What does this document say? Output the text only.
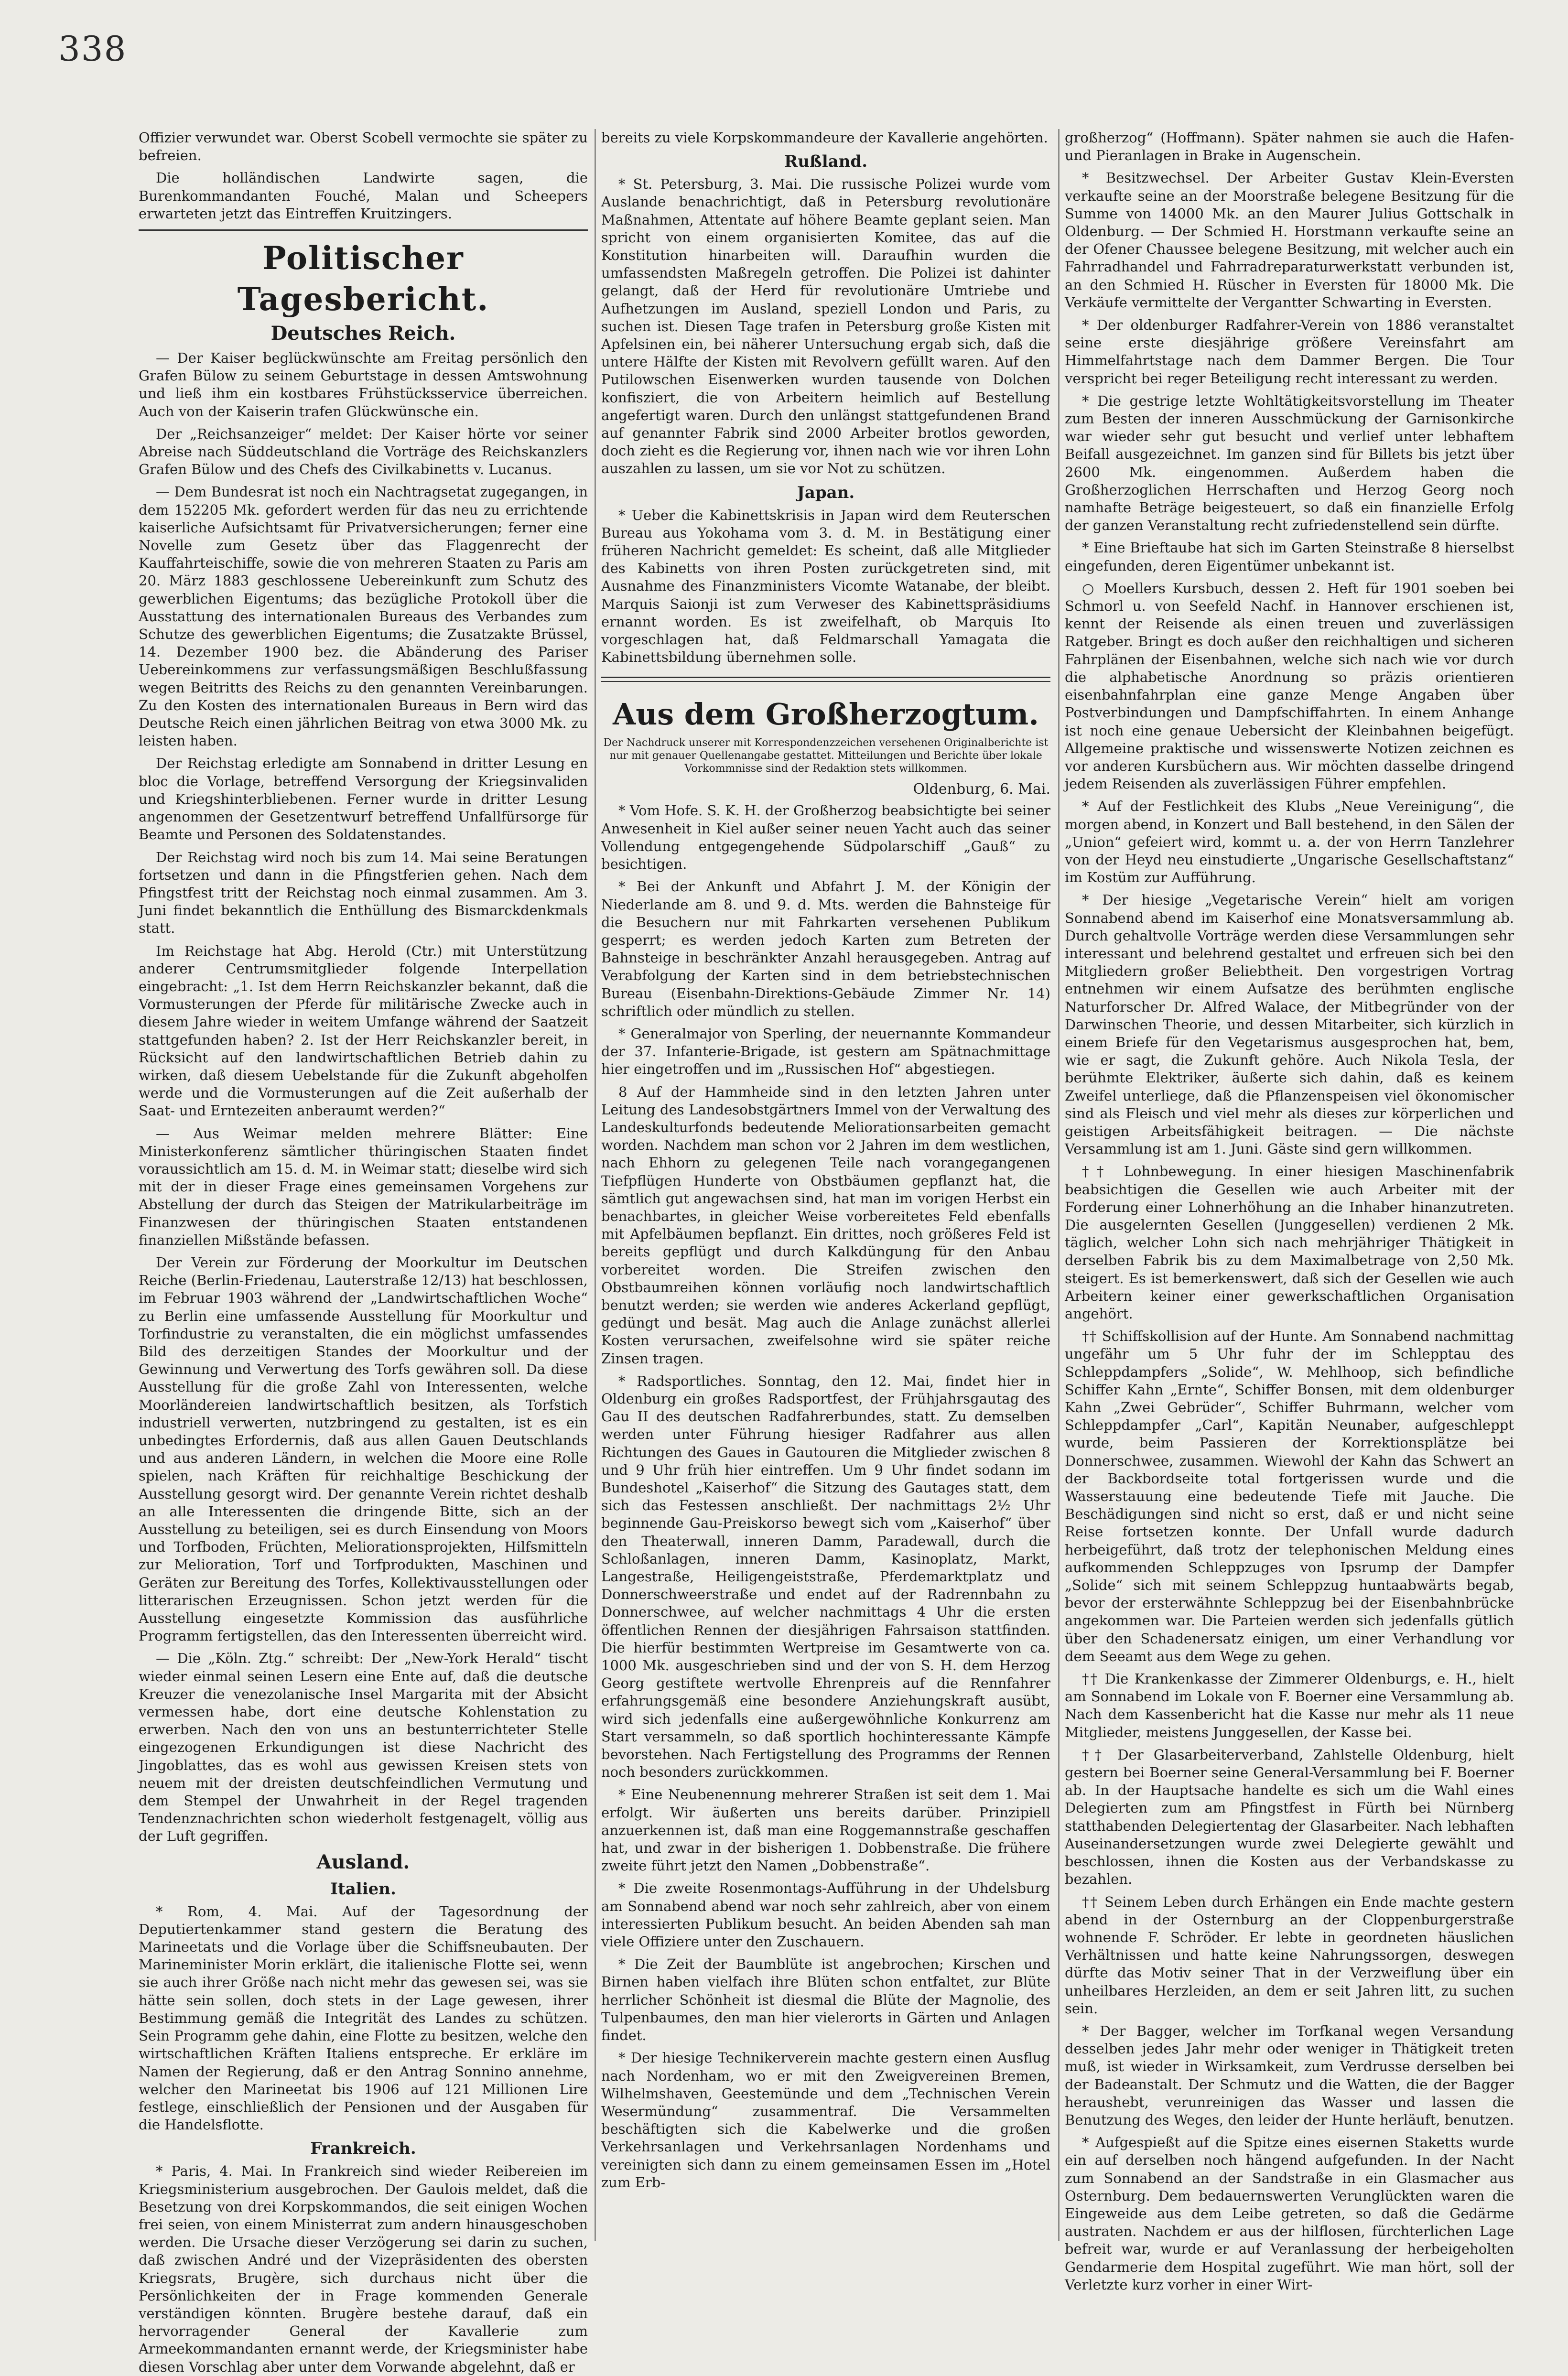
338

Offizier verwundet war. Oberst Scobell vermochte sie später zu befreien.

Die holländischen Landwirte sagen, die Burenkommandanten Fouché, Malan und Scheepers erwarteten jetzt das Eintreffen Kruitzingers.

Politischer Tagesbericht.
Deutsches Reich.

— Der Kaiser beglückwünschte am Freitag persönlich den Grafen Bülow zu seinem Geburtstage in dessen Amtswohnung und ließ ihm ein kostbares Frühstücksservice überreichen. Auch von der Kaiserin trafen Glückwünsche ein.

Der „Reichsanzeiger“ meldet: Der Kaiser hörte vor seiner Abreise nach Süddeutschland die Vorträge des Reichskanzlers Grafen Bülow und des Chefs des Civilkabinetts v. Lucanus.

— Dem Bundesrat ist noch ein Nachtragsetat zugegangen, in dem 152205 Mk. gefordert werden für das neu zu errichtende kaiserliche Aufsichtsamt für Privatversicherungen; ferner eine Novelle zum Gesetz über das Flaggenrecht der Kauffahrteischiffe, sowie die von mehreren Staaten zu Paris am 20. März 1883 geschlossene Uebereinkunft zum Schutz des gewerblichen Eigentums; das bezügliche Protokoll über die Ausstattung des internationalen Bureaus des Verbandes zum Schutze des gewerblichen Eigentums; die Zusatzakte Brüssel, 14. Dezember 1900 bez. die Abänderung des Pariser Uebereinkommens zur verfassungsmäßigen Beschlußfassung wegen Beitritts des Reichs zu den genannten Vereinbarungen. Zu den Kosten des internationalen Bureaus in Bern wird das Deutsche Reich einen jährlichen Beitrag von etwa 3000 Mk. zu leisten haben.

Der Reichstag erledigte am Sonnabend in dritter Lesung en bloc die Vorlage, betreffend Versorgung der Kriegsinvaliden und Kriegshinterbliebenen. Ferner wurde in dritter Lesung angenommen der Gesetzentwurf betreffend Unfallfürsorge für Beamte und Personen des Soldatenstandes.

Der Reichstag wird noch bis zum 14. Mai seine Beratungen fortsetzen und dann in die Pfingstferien gehen. Nach dem Pfingstfest tritt der Reichstag noch einmal zusammen. Am 3. Juni findet bekanntlich die Enthüllung des Bismarckdenkmals statt.

Im Reichstage hat Abg. Herold (Ctr.) mit Unterstützung anderer Centrumsmitglieder folgende Interpellation eingebracht: „1. Ist dem Herrn Reichskanzler bekannt, daß die Vormusterungen der Pferde für militärische Zwecke auch in diesem Jahre wieder in weitem Umfange während der Saatzeit stattgefunden haben? 2. Ist der Herr Reichskanzler bereit, in Rücksicht auf den landwirtschaftlichen Betrieb dahin zu wirken, daß diesem Uebelstande für die Zukunft abgeholfen werde und die Vormusterungen auf die Zeit außerhalb der Saat- und Erntezeiten anberaumt werden?“

— Aus Weimar melden mehrere Blätter: Eine Ministerkonferenz sämtlicher thüringischen Staaten findet voraussichtlich am 15. d. M. in Weimar statt; dieselbe wird sich mit der in dieser Frage eines gemeinsamen Vorgehens zur Abstellung der durch das Steigen der Matrikularbeiträge im Finanzwesen der thüringischen Staaten entstandenen finanziellen Mißstände befassen.

Der Verein zur Förderung der Moorkultur im Deutschen Reiche (Berlin-Friedenau, Lauterstraße 12/13) hat beschlossen, im Februar 1903 während der „Landwirtschaftlichen Woche“ zu Berlin eine umfassende Ausstellung für Moorkultur und Torfindustrie zu veranstalten, die ein möglichst umfassendes Bild des derzeitigen Standes der Moorkultur und der Gewinnung und Verwertung des Torfs gewähren soll. Da diese Ausstellung für die große Zahl von Interessenten, welche Moorländereien landwirtschaftlich besitzen, als Torfstich industriell verwerten, nutzbringend zu gestalten, ist es ein unbedingtes Erfordernis, daß aus allen Gauen Deutschlands und aus anderen Ländern, in welchen die Moore eine Rolle spielen, nach Kräften für reichhaltige Beschickung der Ausstellung gesorgt wird. Der genannte Verein richtet deshalb an alle Interessenten die dringende Bitte, sich an der Ausstellung zu beteiligen, sei es durch Einsendung von Moors und Torfboden, Früchten, Meliorationsprojekten, Hilfsmitteln zur Melioration, Torf und Torfprodukten, Maschinen und Geräten zur Bereitung des Torfes, Kollektivausstellungen oder litterarischen Erzeugnissen. Schon jetzt werden für die Ausstellung eingesetzte Kommission das ausführliche Programm fertigstellen, das den Interessenten überreicht wird.

— Die „Köln. Ztg.“ schreibt: Der „New-York Herald“ tischt wieder einmal seinen Lesern eine Ente auf, daß die deutsche Kreuzer die venezolanische Insel Margarita mit der Absicht vermessen habe, dort eine deutsche Kohlenstation zu erwerben. Nach den von uns an bestunterrichteter Stelle eingezogenen Erkundigungen ist diese Nachricht des Jingoblattes, das es wohl aus gewissen Kreisen stets von neuem mit der dreisten deutschfeindlichen Vermutung und dem Stempel der Unwahrheit in der Regel tragenden Tendenznachrichten schon wiederholt festgenagelt, völlig aus der Luft gegriffen.

Ausland.
Italien.

* Rom, 4. Mai. Auf der Tagesordnung der Deputiertenkammer stand gestern die Beratung des Marineetats und die Vorlage über die Schiffsneubauten. Der Marineminister Morin erklärt, die italienische Flotte sei, wenn sie auch ihrer Größe nach nicht mehr das gewesen sei, was sie hätte sein sollen, doch stets in der Lage gewesen, ihrer Bestimmung gemäß die Integrität des Landes zu schützen. Sein Programm gehe dahin, eine Flotte zu besitzen, welche den wirtschaftlichen Kräften Italiens entspreche. Er erkläre im Namen der Regierung, daß er den Antrag Sonnino annehme, welcher den Marineetat bis 1906 auf 121 Millionen Lire festlege, einschließlich der Pensionen und der Ausgaben für die Handelsflotte.

Frankreich.

* Paris, 4. Mai. In Frankreich sind wieder Reibereien im Kriegsministerium ausgebrochen. Der Gaulois meldet, daß die Besetzung von drei Korpskommandos, die seit einigen Wochen frei seien, von einem Ministerrat zum andern hinausgeschoben werden. Die Ursache dieser Verzögerung sei darin zu suchen, daß zwischen André und der Vizepräsidenten des obersten Kriegsrats, Brugère, sich durchaus nicht über die Persönlichkeiten der in Frage kommenden Generale verständigen könnten. Brugère bestehe darauf, daß ein hervorragender General der Kavallerie zum Armeekommandanten ernannt werde, der Kriegsminister habe diesen Vorschlag aber unter dem Vorwande abgelehnt, daß er

bereits zu viele Korpskommandeure der Kavallerie angehörten.

Rußland.

* St. Petersburg, 3. Mai. Die russische Polizei wurde vom Auslande benachrichtigt, daß in Petersburg revolutionäre Maßnahmen, Attentate auf höhere Beamte geplant seien. Man spricht von einem organisierten Komitee, das auf die Konstitution hinarbeiten will. Daraufhin wurden die umfassendsten Maßregeln getroffen. Die Polizei ist dahinter gelangt, daß der Herd für revolutionäre Umtriebe und Aufhetzungen im Ausland, speziell London und Paris, zu suchen ist. Diesen Tage trafen in Petersburg große Kisten mit Apfelsinen ein, bei näherer Untersuchung ergab sich, daß die untere Hälfte der Kisten mit Revolvern gefüllt waren. Auf den Putilowschen Eisenwerken wurden tausende von Dolchen konfisziert, die von Arbeitern heimlich auf Bestellung angefertigt waren. Durch den unlängst stattgefundenen Brand auf genannter Fabrik sind 2000 Arbeiter brotlos geworden, doch zieht es die Regierung vor, ihnen nach wie vor ihren Lohn auszahlen zu lassen, um sie vor Not zu schützen.

Japan.

* Ueber die Kabinettskrisis in Japan wird dem Reuterschen Bureau aus Yokohama vom 3. d. M. in Bestätigung einer früheren Nachricht gemeldet: Es scheint, daß alle Mitglieder des Kabinetts von ihren Posten zurückgetreten sind, mit Ausnahme des Finanzministers Vicomte Watanabe, der bleibt. Marquis Saionji ist zum Verweser des Kabinettspräsidiums ernannt worden. Es ist zweifelhaft, ob Marquis Ito vorgeschlagen hat, daß Feldmarschall Yamagata die Kabinettsbildung übernehmen solle.

Aus dem Großherzogtum.

Der Nachdruck unserer mit Korrespondenzzeichen versehenen Originalberichte ist nur mit genauer Quellenangabe gestattet. Mitteilungen und Berichte über lokale Vorkommnisse sind der Redaktion stets willkommen.

Oldenburg, 6. Mai.

* Vom Hofe. S. K. H. der Großherzog beabsichtigte bei seiner Anwesenheit in Kiel außer seiner neuen Yacht auch das seiner Vollendung entgegengehende Südpolarschiff „Gauß“ zu besichtigen.

* Bei der Ankunft und Abfahrt J. M. der Königin der Niederlande am 8. und 9. d. Mts. werden die Bahnsteige für die Besuchern nur mit Fahrkarten versehenen Publikum gesperrt; es werden jedoch Karten zum Betreten der Bahnsteige in beschränkter Anzahl herausgegeben. Antrag auf Verabfolgung der Karten sind in dem betriebstechnischen Bureau (Eisenbahn-Direktions-Gebäude Zimmer Nr. 14) schriftlich oder mündlich zu stellen.

* Generalmajor von Sperling, der neuernannte Kommandeur der 37. Infanterie-Brigade, ist gestern am Spätnachmittage hier eingetroffen und im „Russischen Hof“ abgestiegen.

8 Auf der Hammheide sind in den letzten Jahren unter Leitung des Landesobstgärtners Immel von der Verwaltung des Landeskulturfonds bedeutende Meliorationsarbeiten gemacht worden. Nachdem man schon vor 2 Jahren im dem westlichen, nach Ehhorn zu gelegenen Teile nach vorangegangenen Tiefpflügen Hunderte von Obstbäumen gepflanzt hat, die sämtlich gut angewachsen sind, hat man im vorigen Herbst ein benachbartes, in gleicher Weise vorbereitetes Feld ebenfalls mit Apfelbäumen bepflanzt. Ein drittes, noch größeres Feld ist bereits gepflügt und durch Kalkdüngung für den Anbau vorbereitet worden. Die Streifen zwischen den Obstbaumreihen können vorläufig noch landwirtschaftlich benutzt werden; sie werden wie anderes Ackerland gepflügt, gedüngt und besät. Mag auch die Anlage zunächst allerlei Kosten verursachen, zweifelsohne wird sie später reiche Zinsen tragen.

* Radsportliches. Sonntag, den 12. Mai, findet hier in Oldenburg ein großes Radsportfest, der Frühjahrsgautag des Gau II des deutschen Radfahrerbundes, statt. Zu demselben werden unter Führung hiesiger Radfahrer aus allen Richtungen des Gaues in Gautouren die Mitglieder zwischen 8 und 9 Uhr früh hier eintreffen. Um 9 Uhr findet sodann im Bundeshotel „Kaiserhof“ die Sitzung des Gautages statt, dem sich das Festessen anschließt. Der nachmittags 2½ Uhr beginnende Gau-Preiskorso bewegt sich vom „Kaiserhof“ über den Theaterwall, inneren Damm, Paradewall, durch die Schloßanlagen, inneren Damm, Kasinoplatz, Markt, Langestraße, Heiligengeiststraße, Pferdemarktplatz und Donnerschweerstraße und endet auf der Radrennbahn zu Donnerschwee, auf welcher nachmittags 4 Uhr die ersten öffentlichen Rennen der diesjährigen Fahrsaison stattfinden. Die hierfür bestimmten Wertpreise im Gesamtwerte von ca. 1000 Mk. ausgeschrieben sind und der von S. H. dem Herzog Georg gestiftete wertvolle Ehrenpreis auf die Rennfahrer erfahrungsgemäß eine besondere Anziehungskraft ausübt, wird sich jedenfalls eine außergewöhnliche Konkurrenz am Start versammeln, so daß sportlich hochinteressante Kämpfe bevorstehen. Nach Fertigstellung des Programms der Rennen noch besonders zurückkommen.

* Eine Neubenennung mehrerer Straßen ist seit dem 1. Mai erfolgt. Wir äußerten uns bereits darüber. Prinzipiell anzuerkennen ist, daß man eine Roggemannstraße geschaffen hat, und zwar in der bisherigen 1. Dobbenstraße. Die frühere zweite führt jetzt den Namen „Dobbenstraße“.

* Die zweite Rosenmontags-Aufführung in der Uhdelsburg am Sonnabend abend war noch sehr zahlreich, aber von einem interessierten Publikum besucht. An beiden Abenden sah man viele Offiziere unter den Zuschauern.

* Die Zeit der Baumblüte ist angebrochen; Kirschen und Birnen haben vielfach ihre Blüten schon entfaltet, zur Blüte herrlicher Schönheit ist diesmal die Blüte der Magnolie, des Tulpenbaumes, den man hier vielerorts in Gärten und Anlagen findet.

* Der hiesige Technikerverein machte gestern einen Ausflug nach Nordenham, wo er mit den Zweigvereinen Bremen, Wilhelmshaven, Geestemünde und dem „Technischen Verein Wesermündung“ zusammentraf. Die Versammelten beschäftigten sich die Kabelwerke und die großen Verkehrsanlagen und Verkehrsanlagen Nordenhams und vereinigten sich dann zu einem gemeinsamen Essen im „Hotel zum Erb-

großherzog“ (Hoffmann). Später nahmen sie auch die Hafen- und Pieranlagen in Brake in Augenschein.

* Besitzwechsel. Der Arbeiter Gustav Klein-Eversten verkaufte seine an der Moorstraße belegene Besitzung für die Summe von 14000 Mk. an den Maurer Julius Gottschalk in Oldenburg. — Der Schmied H. Horstmann verkaufte seine an der Ofener Chaussee belegene Besitzung, mit welcher auch ein Fahrradhandel und Fahrradreparaturwerkstatt verbunden ist, an den Schmied H. Rüscher in Eversten für 18000 Mk. Die Verkäufe vermittelte der Vergantter Schwarting in Eversten.

* Der oldenburger Radfahrer-Verein von 1886 veranstaltet seine erste diesjährige größere Vereinsfahrt am Himmelfahrtstage nach dem Dammer Bergen. Die Tour verspricht bei reger Beteiligung recht interessant zu werden.

* Die gestrige letzte Wohltätigkeitsvorstellung im Theater zum Besten der inneren Ausschmückung der Garnisonkirche war wieder sehr gut besucht und verlief unter lebhaftem Beifall ausgezeichnet. Im ganzen sind für Billets bis jetzt über 2600 Mk. eingenommen. Außerdem haben die Großherzoglichen Herrschaften und Herzog Georg noch namhafte Beträge beigesteuert, so daß ein finanzielle Erfolg der ganzen Veranstaltung recht zufriedenstellend sein dürfte.

* Eine Brieftaube hat sich im Garten Steinstraße 8 hierselbst eingefunden, deren Eigentümer unbekannt ist.

○ Moellers Kursbuch, dessen 2. Heft für 1901 soeben bei Schmorl u. von Seefeld Nachf. in Hannover erschienen ist, kennt der Reisende als einen treuen und zuverlässigen Ratgeber. Bringt es doch außer den reichhaltigen und sicheren Fahrplänen der Eisenbahnen, welche sich nach wie vor durch die alphabetische Anordnung so präzis orientieren eisenbahnfahrplan eine ganze Menge Angaben über Postverbindungen und Dampfschiffahrten. In einem Anhange ist noch eine genaue Uebersicht der Kleinbahnen beigefügt. Allgemeine praktische und wissenswerte Notizen zeichnen es vor anderen Kursbüchern aus. Wir möchten dasselbe dringend jedem Reisenden als zuverlässigen Führer empfehlen.

* Auf der Festlichkeit des Klubs „Neue Vereinigung“, die morgen abend, in Konzert und Ball bestehend, in den Sälen der „Union“ gefeiert wird, kommt u. a. der von Herrn Tanzlehrer von der Heyd neu einstudierte „Ungarische Gesellschaftstanz“ im Kostüm zur Aufführung.

* Der hiesige „Vegetarische Verein“ hielt am vorigen Sonnabend abend im Kaiserhof eine Monatsversammlung ab. Durch gehaltvolle Vorträge werden diese Versammlungen sehr interessant und belehrend gestaltet und erfreuen sich bei den Mitgliedern großer Beliebtheit. Den vorgestrigen Vortrag entnehmen wir einem Aufsatze des berühmten englische Naturforscher Dr. Alfred Walace, der Mitbegründer von der Darwinschen Theorie, und dessen Mitarbeiter, sich kürzlich in einem Briefe für den Vegetarismus ausgesprochen hat, bem, wie er sagt, die Zukunft gehöre. Auch Nikola Tesla, der berühmte Elektriker, äußerte sich dahin, daß es keinem Zweifel unterliege, daß die Pflanzenspeisen viel ökonomischer sind als Fleisch und viel mehr als dieses zur körperlichen und geistigen Arbeitsfähigkeit beitragen. — Die nächste Versammlung ist am 1. Juni. Gäste sind gern willkommen.

†† Lohnbewegung. In einer hiesigen Maschinenfabrik beabsichtigen die Gesellen wie auch Arbeiter mit der Forderung einer Lohnerhöhung an die Inhaber hinanzutreten. Die ausgelernten Gesellen (Junggesellen) verdienen 2 Mk. täglich, welcher Lohn sich nach mehrjähriger Thätigkeit in derselben Fabrik bis zu dem Maximalbetrage von 2,50 Mk. steigert. Es ist bemerkenswert, daß sich der Gesellen wie auch Arbeitern keiner einer gewerkschaftlichen Organisation angehört.

†† Schiffskollision auf der Hunte. Am Sonnabend nachmittag ungefähr um 5 Uhr fuhr der im Schlepptau des Schleppdampfers „Solide“, W. Mehlhoop, sich befindliche Schiffer Kahn „Ernte“, Schiffer Bonsen, mit dem oldenburger Kahn „Zwei Gebrüder“, Schiffer Buhrmann, welcher vom Schleppdampfer „Carl“, Kapitän Neunaber, aufgeschleppt wurde, beim Passieren der Korrektionsplätze bei Donnerschwee, zusammen. Wiewohl der Kahn das Schwert an der Backbordseite total fortgerissen wurde und die Wasserstauung eine bedeutende Tiefe mit Jauche. Die Beschädigungen sind nicht so erst, daß er und nicht seine Reise fortsetzen konnte. Der Unfall wurde dadurch herbeigeführt, daß trotz der telephonischen Meldung eines aufkommenden Schleppzuges von Ipsrump der Dampfer „Solide“ sich mit seinem Schleppzug huntaabwärts begab, bevor der ersterwähnte Schleppzug bei der Eisenbahnbrücke angekommen war. Die Parteien werden sich jedenfalls gütlich über den Schadenersatz einigen, um einer Verhandlung vor dem Seeamt aus dem Wege zu gehen.

†† Die Krankenkasse der Zimmerer Oldenburgs, e. H., hielt am Sonnabend im Lokale von F. Boerner eine Versammlung ab. Nach dem Kassenbericht hat die Kasse nur mehr als 11 neue Mitglieder, meistens Junggesellen, der Kasse bei.

†† Der Glasarbeiterverband, Zahlstelle Oldenburg, hielt gestern bei Boerner seine General-Versammlung bei F. Boerner ab. In der Hauptsache handelte es sich um die Wahl eines Delegierten zum am Pfingstfest in Fürth bei Nürnberg statthabenden Delegiertentag der Glasarbeiter. Nach lebhaften Auseinandersetzungen wurde zwei Delegierte gewählt und beschlossen, ihnen die Kosten aus der Verbandskasse zu bezahlen.

†† Seinem Leben durch Erhängen ein Ende machte gestern abend in der Osternburg an der Cloppenburgerstraße wohnende F. Schröder. Er lebte in geordneten häuslichen Verhältnissen und hatte keine Nahrungssorgen, deswegen dürfte das Motiv seiner That in der Verzweiflung über ein unheilbares Herzleiden, an dem er seit Jahren litt, zu suchen sein.

* Der Bagger, welcher im Torfkanal wegen Versandung desselben jedes Jahr mehr oder weniger in Thätigkeit treten muß, ist wieder in Wirksamkeit, zum Verdrusse derselben bei der Badeanstalt. Der Schmutz und die Watten, die der Bagger heraushebt, verunreinigen das Wasser und lassen die Benutzung des Weges, den leider der Hunte herläuft, benutzen.

* Aufgespießt auf die Spitze eines eisernen Staketts wurde ein auf derselben noch hängend aufgefunden. In der Nacht zum Sonnabend an der Sandstraße in ein Glasmacher aus Osternburg. Dem bedauernswerten Verunglückten waren die Eingeweide aus dem Leibe getreten, so daß die Gedärme austraten. Nachdem er aus der hilflosen, fürchterlichen Lage befreit war, wurde er auf Veranlassung der herbeigeholten Gendarmerie dem Hospital zugeführt. Wie man hört, soll der Verletzte kurz vorher in einer Wirt-
